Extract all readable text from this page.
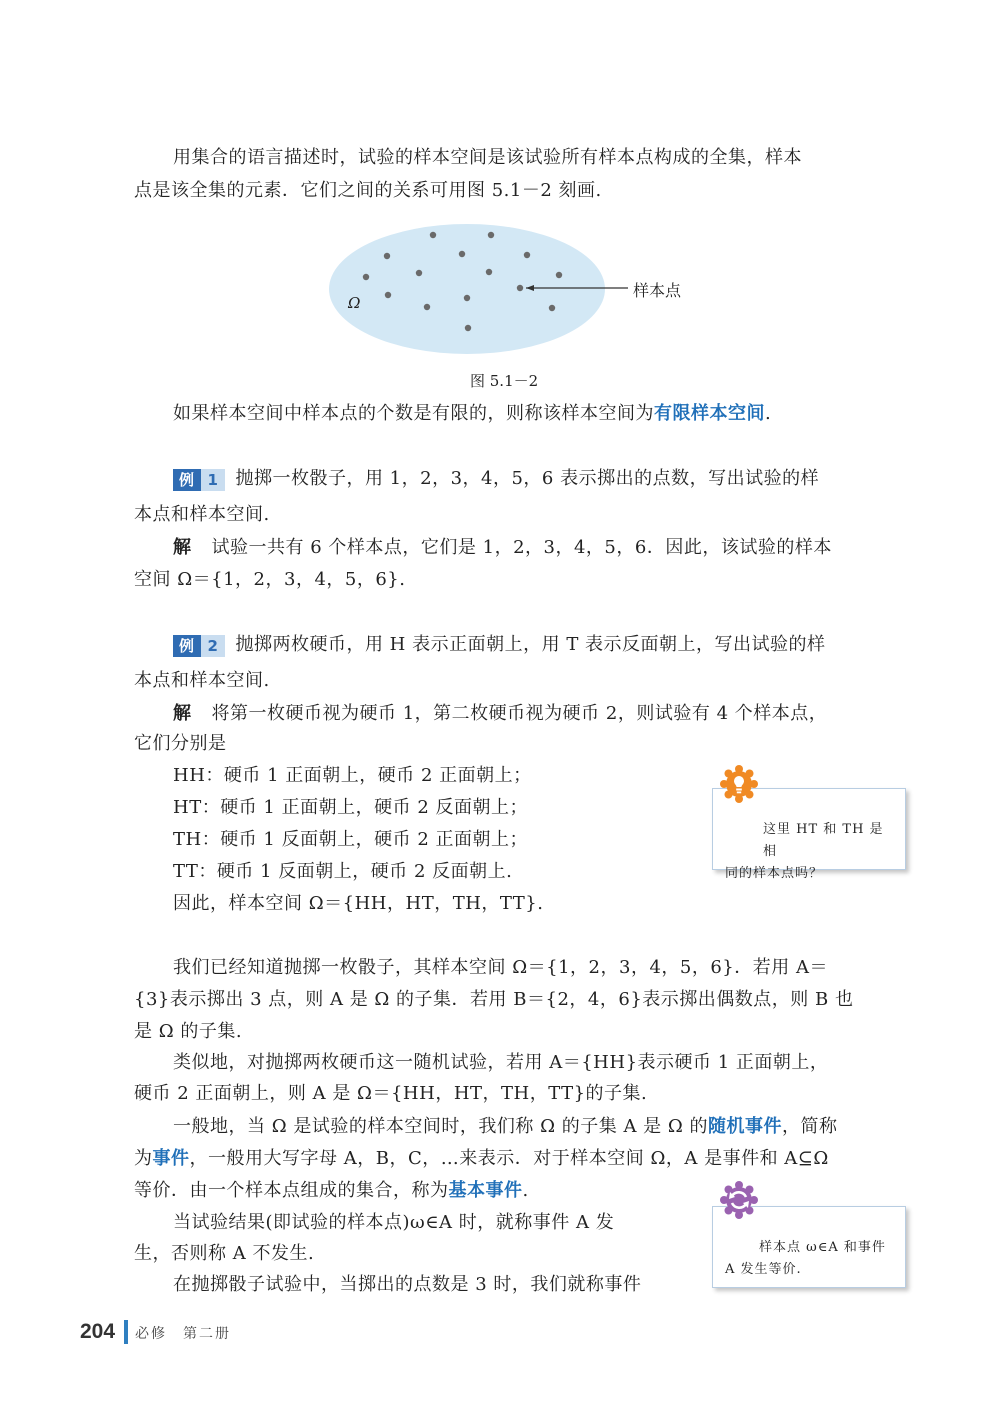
用集合的语言描述时，试验的样本空间是该试验所有样本点构成的全集，样本
点是该全集的元素．它们之间的关系可用图 5.1－2 刻画.
Ω
样本点
图 5.1－2
如果样本空间中样本点的个数是有限的，则称该样本空间为有限样本空间.
例 1 抛掷一枚骰子，用 1，2，3，4，5，6 表示掷出的点数，写出试验的样
本点和样本空间.
解 试验一共有 6 个样本点，它们是 1，2，3，4，5，6．因此，该试验的样本
空间 Ω＝{1，2，3，4，5，6}.
例 2 抛掷两枚硬币，用 H 表示正面朝上，用 T 表示反面朝上，写出试验的样
本点和样本空间.
解 将第一枚硬币视为硬币 1，第二枚硬币视为硬币 2，则试验有 4 个样本点，
它们分别是
HH：硬币 1 正面朝上，硬币 2 正面朝上；
HT：硬币 1 正面朝上，硬币 2 反面朝上；
TH：硬币 1 反面朝上，硬币 2 正面朝上；
TT：硬币 1 反面朝上，硬币 2 反面朝上.
因此，样本空间 Ω＝{HH，HT，TH，TT}.
这里 HT 和 TH 是相
同的样本点吗？
我们已经知道抛掷一枚骰子，其样本空间 Ω＝{1，2，3，4，5，6}．若用 A＝
{3}表示掷出 3 点，则 A 是 Ω 的子集．若用 B＝{2，4，6}表示掷出偶数点，则 B 也
是 Ω 的子集.
类似地，对抛掷两枚硬币这一随机试验，若用 A＝{HH}表示硬币 1 正面朝上，
硬币 2 正面朝上，则 A 是 Ω＝{HH，HT，TH，TT}的子集.
一般地，当 Ω 是试验的样本空间时，我们称 Ω 的子集 A 是 Ω 的随机事件，简称
为事件，一般用大写字母 A，B，C，…来表示．对于样本空间 Ω，A 是事件和 A⊆Ω
等价．由一个样本点组成的集合，称为基本事件.
当试验结果(即试验的样本点)ω∈A 时，就称事件 A 发
生，否则称 A 不发生.
在抛掷骰子试验中，当掷出的点数是 3 时，我们就称事件
样本点 ω∈A 和事件
A 发生等价.
204 必修　第二册
